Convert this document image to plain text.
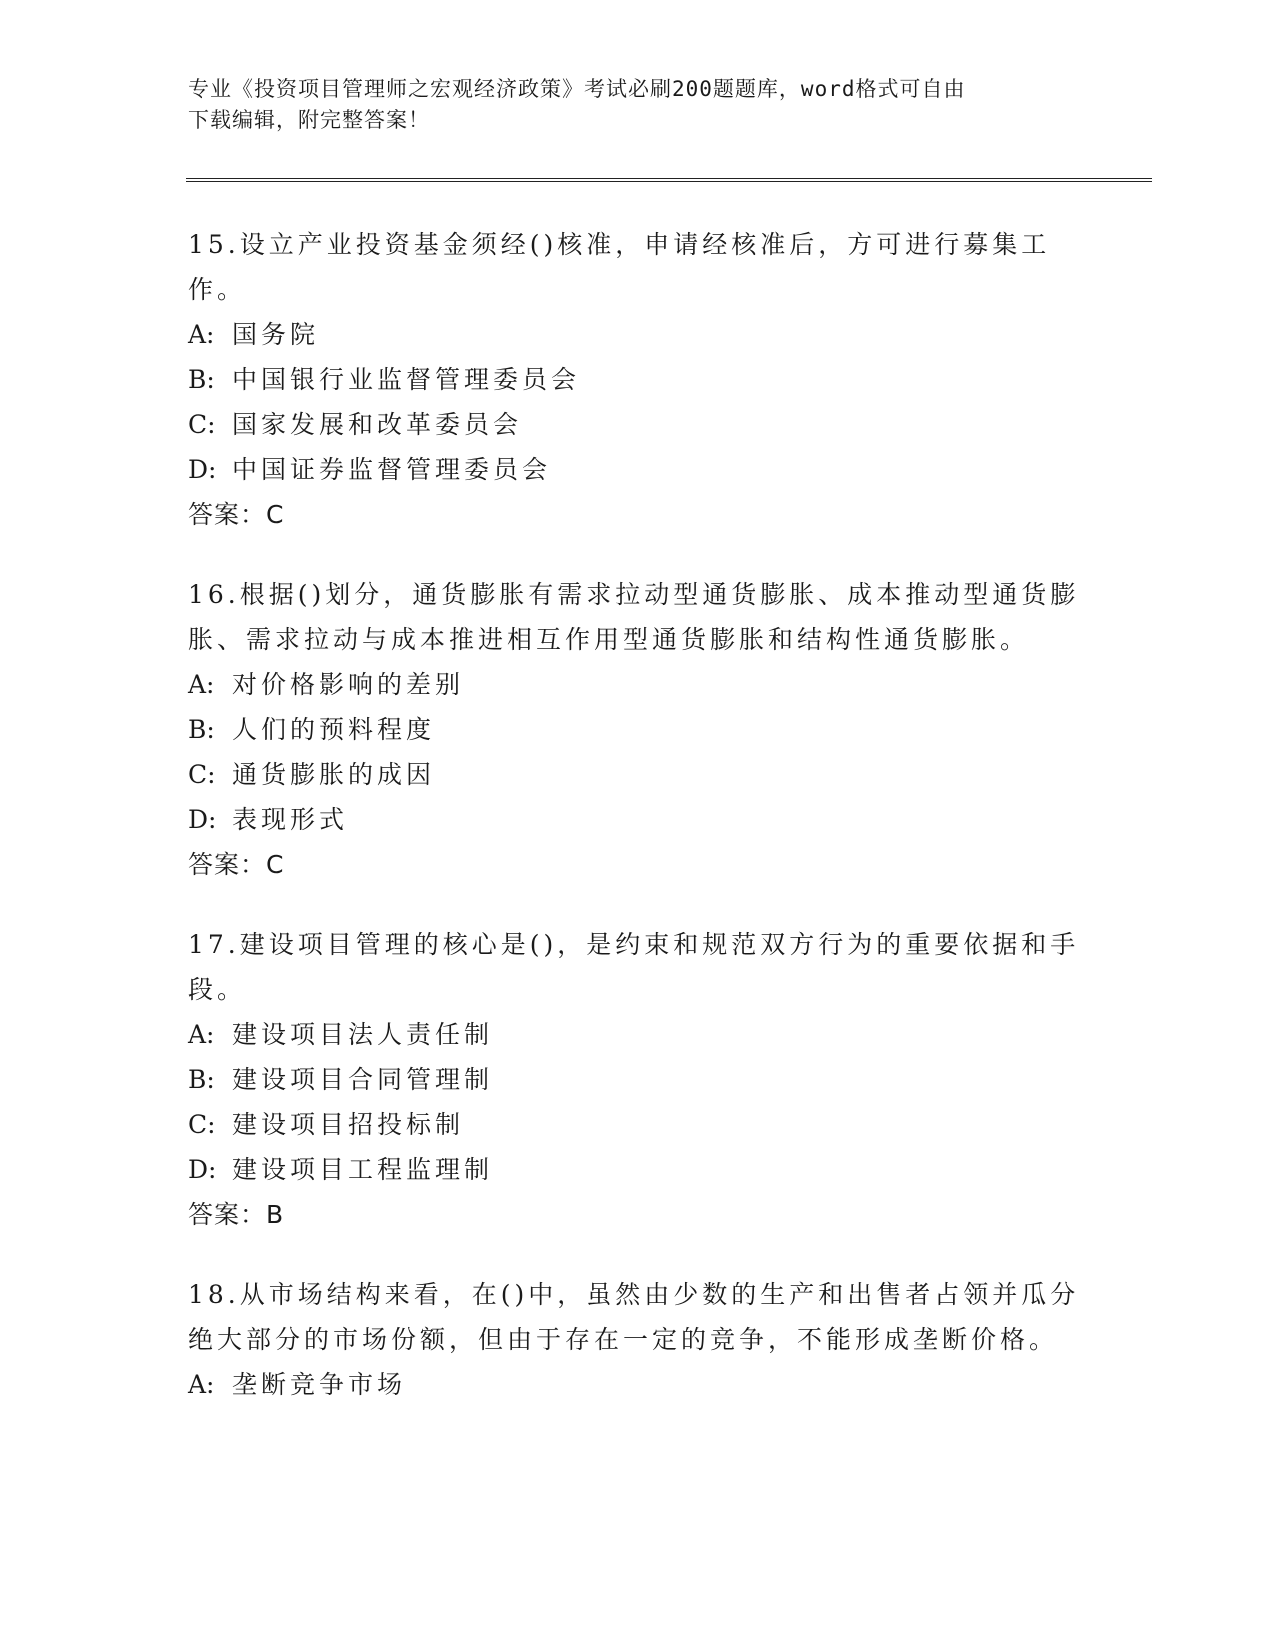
专业《投资项目管理师之宏观经济政策》考试必刷200题题库，word格式可自由
下载编辑，附完整答案！

15.设立产业投资基金须经()核准，申请经核准后，方可进行募集工作。

A: 国务院

B: 中国银行业监督管理委员会

C: 国家发展和改革委员会

D: 中国证券监督管理委员会

答案：C

16.根据()划分，通货膨胀有需求拉动型通货膨胀、成本推动型通货膨胀、需求拉动与成本推进相互作用型通货膨胀和结构性通货膨胀。

A: 对价格影响的差别

B: 人们的预料程度

C: 通货膨胀的成因

D: 表现形式

答案：C

17.建设项目管理的核心是()，是约束和规范双方行为的重要依据和手段。

A: 建设项目法人责任制

B: 建设项目合同管理制

C: 建设项目招投标制

D: 建设项目工程监理制

答案：B

18.从市场结构来看，在()中，虽然由少数的生产和出售者占领并瓜分绝大部分的市场份额，但由于存在一定的竞争，不能形成垄断价格。

A: 垄断竞争市场
